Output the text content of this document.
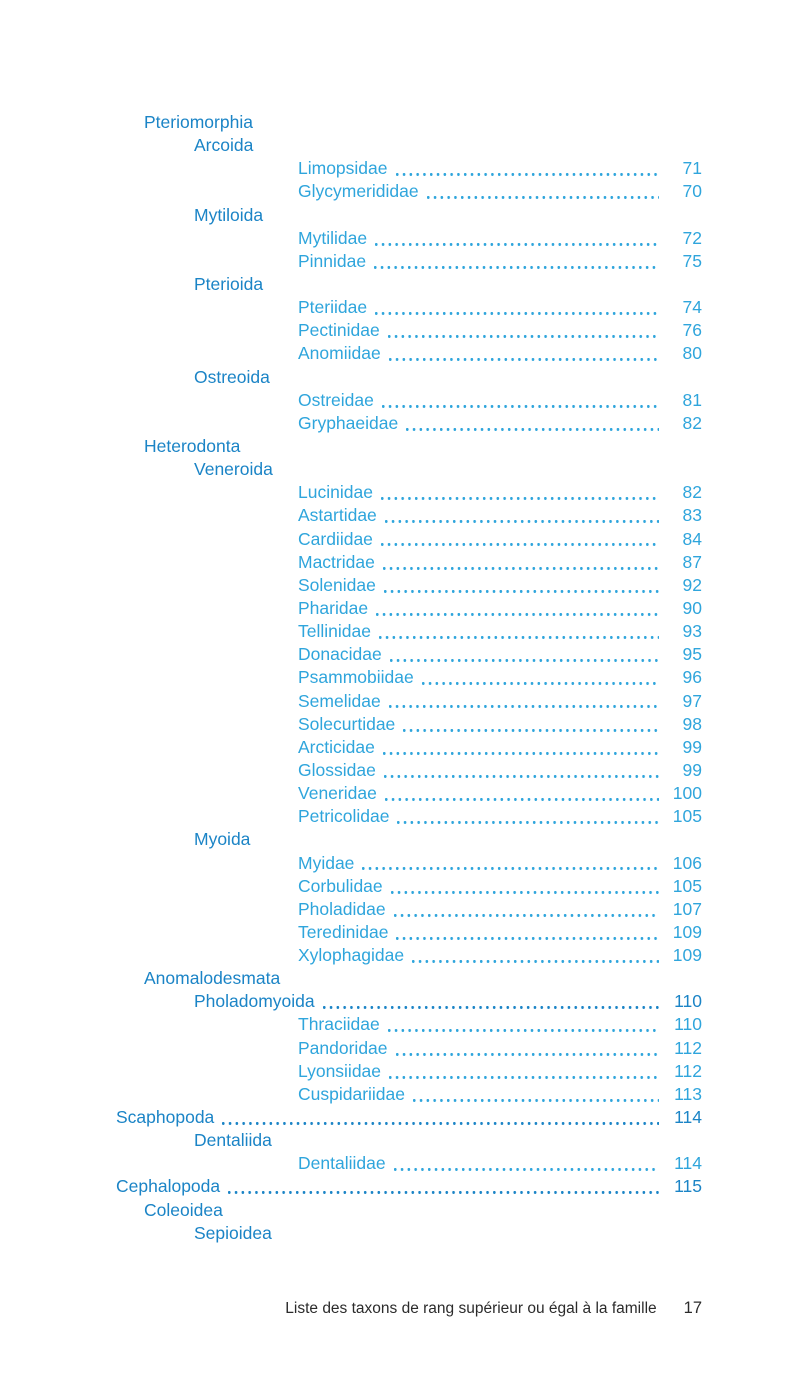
Pteriomorphia
Arcoida
Limopsidae	71
Glycymerididae	70
Mytiloida
Mytilidae	72
Pinnidae	75
Pterioida
Pteriidae	74
Pectinidae	76
Anomiidae	80
Ostreoida
Ostreidae	81
Gryphaeidae	82
Heterodonta
Veneroida
Lucinidae	82
Astartidae	83
Cardiidae	84
Mactridae	87
Solenidae	92
Pharidae	90
Tellinidae	93
Donacidae	95
Psammobiidae	96
Semelidae	97
Solecurtidae	98
Arcticidae	99
Glossidae	99
Veneridae	100
Petricolidae	105
Myoida
Myidae	106
Corbulidae	105
Pholadidae	107
Teredinidae	109
Xylophagidae	109
Anomalodesmata
Pholadomyoida	110
Thraciidae	110
Pandoridae	112
Lyonsiidae	112
Cuspidariidae	113
Scaphopoda	114
Dentaliida
Dentaliidae	114
Cephalopoda	115
Coleoidea
Sepioidea
Liste des taxons de rang supérieur ou égal à la famille 17
